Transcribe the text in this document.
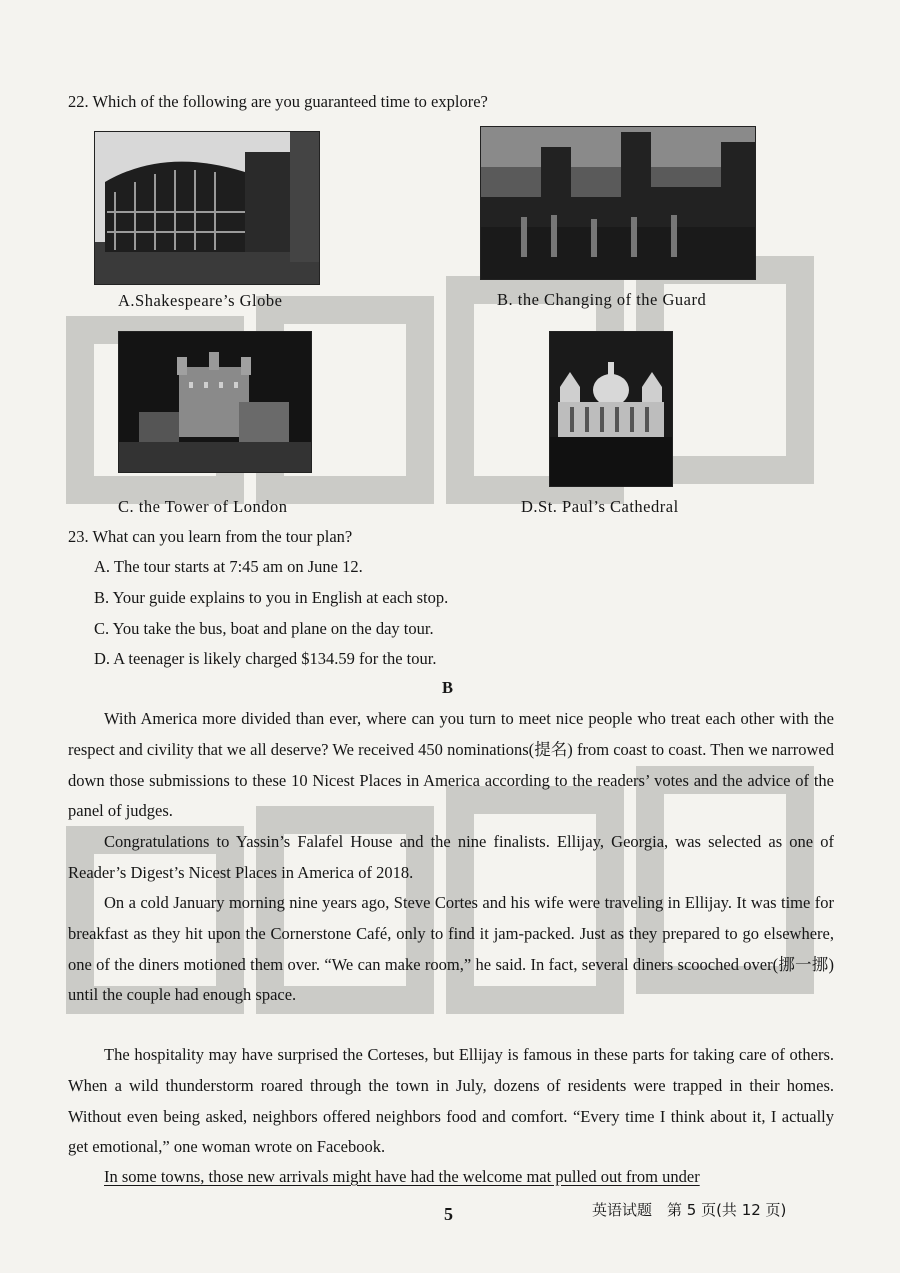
22. Which of the following are you guaranteed time to explore?
A.Shakespeare’s Globe	B. the Changing of the Guard
C. the Tower of London	D.St. Paul’s Cathedral
23. What can you learn from the tour plan?
A. The tour starts at 7:45 am on June 12.
B. Your guide explains to you in English at each stop.
C. You take the bus, boat and plane on the day tour.
D. A teenager is likely charged $134.59 for the tour.
B
With America more divided than ever, where can you turn to meet nice people who treat each other with the respect and civility that we all deserve? We received 450 nominations(提名) from coast to coast. Then we narrowed down those submissions to these 10 Nicest Places in America according to the readers’ votes and the advice of the panel of judges.
Congratulations to Yassin’s Falafel House and the nine finalists. Ellijay, Georgia, was selected as one of Reader’s Digest’s Nicest Places in America of 2018.
On a cold January morning nine years ago, Steve Cortes and his wife were traveling in Ellijay. It was time for breakfast as they hit upon the Cornerstone Café, only to find it jam-packed. Just as they prepared to go elsewhere, one of the diners motioned them over. “We can make room,” he said. In fact, several diners scooched over(挪一挪) until the couple had enough space.
The hospitality may have surprised the Corteses, but Ellijay is famous in these parts for taking care of others. When a wild thunderstorm roared through the town in July, dozens of residents were trapped in their homes. Without even being asked, neighbors offered neighbors food and comfort. “Every time I think about it, I actually get emotional,” one woman wrote on Facebook.
In some towns, those new arrivals might have had the welcome mat pulled out from under
5	英语试题　第 5 页(共 12 页)
